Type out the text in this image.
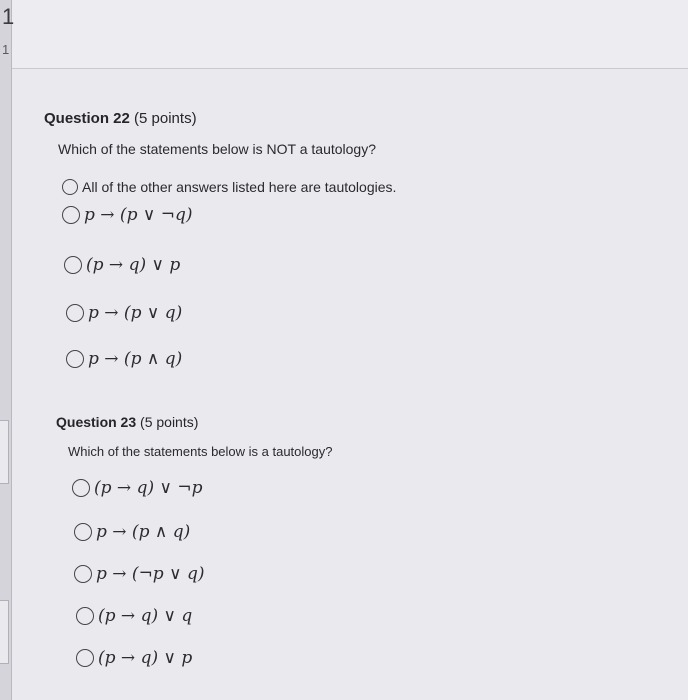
1
1
Question 22 (5 points)
Which of the statements below is NOT a tautology?
All of the other answers listed here are tautologies.
p → (p ∨ ¬q)
(p → q) ∨ p
p → (p ∨ q)
p → (p ∧ q)
Question 23 (5 points)
Which of the statements below is a tautology?
(p → q) ∨ ¬p
p → (p ∧ q)
p → (¬p ∨ q)
(p → q) ∨ q
(p → q) ∨ p
